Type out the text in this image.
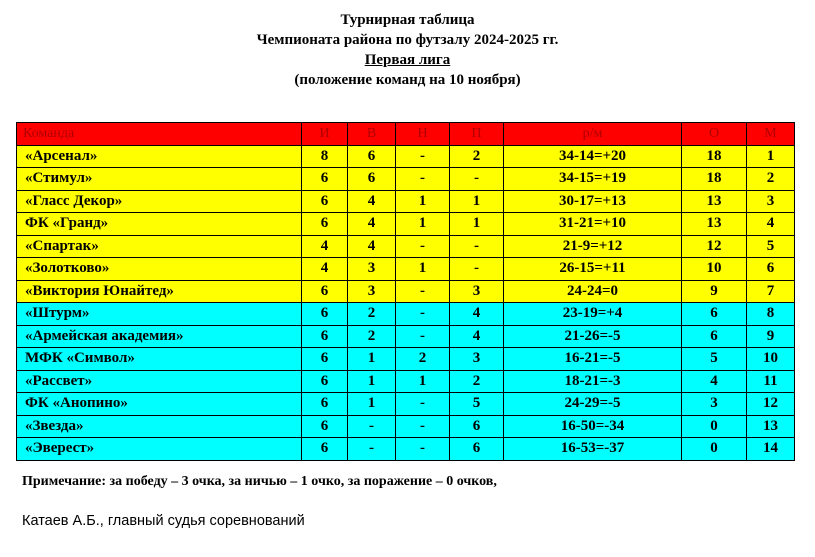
Турнирная таблица
Чемпионата района по футзалу 2024-2025 гг.
Первая лига
(положение команд на 10 ноября)
Команда	И	В	Н	П	р/м	О	М
«Арсенал»	8	6	-	2	34-14=+20	18	1
«Стимул»	6	6	-	-	34-15=+19	18	2
«Гласс Декор»	6	4	1	1	30-17=+13	13	3
ФК «Гранд»	6	4	1	1	31-21=+10	13	4
«Спартак»	4	4	-	-	21-9=+12	12	5
«Золотково»	4	3	1	-	26-15=+11	10	6
«Виктория Юнайтед»	6	3	-	3	24-24=0	9	7
«Штурм»	6	2	-	4	23-19=+4	6	8
«Армейская академия»	6	2	-	4	21-26=-5	6	9
МФК «Символ»	6	1	2	3	16-21=-5	5	10
«Рассвет»	6	1	1	2	18-21=-3	4	11
ФК «Анопино»	6	1	-	5	24-29=-5	3	12
«Звезда»	6	-	-	6	16-50=-34	0	13
«Эверест»	6	-	-	6	16-53=-37	0	14
Примечание: за победу – 3 очка, за ничью – 1 очко, за поражение – 0 очков,
Катаев А.Б., главный судья соревнований
